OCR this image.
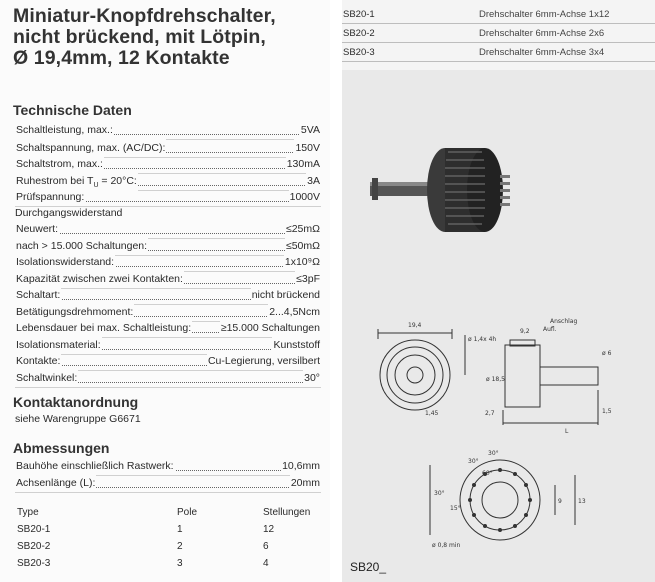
Miniatur-Knopfdrehschalter,
nicht brückend, mit Lötpin,
Ø 19,4mm, 12 Kontakte
SB20-1	Drehschalter 6mm-Achse 1x12
SB20-2	Drehschalter 6mm-Achse 2x6
SB20-3	Drehschalter 6mm-Achse 3x4
Technische Daten
Schaltleistung, max.:	5VA
Schaltspannung, max. (AC/DC):	150V
Schaltstrom, max.:	130mA
Ruhestrom bei $T_U = 20^\circ C$:	3A
Prüfspannung:	1000V
Durchgangswiderstand
Neuwert:	≤25mΩ
nach > 15.000 Schaltungen:	≤50mΩ
Isolationswiderstand:	1x10⁹Ω
Kapazität zwischen zwei Kontakten:	≤3pF
Schaltart:	nicht brückend
Betätigungsdrehmoment:	2...4,5Ncm
Lebensdauer bei max. Schaltleistung:	≥15.000 Schaltungen
Isolationsmaterial:	Kunststoff
Kontakte:	Cu-Legierung, versilbert
Schaltwinkel:	30°
Kontaktanordnung
siehe Warengruppe G6671
Abmessungen
Bauhöhe einschließlich Rastwerk:	10,6mm
Achsenlänge (L):	20mm
Type	Pole	Stellungen
SB20-1	1	12
SB20-2	2	6
SB20-3	3	4
19,4
9,2
ø 6
1,45	2,7
L
1,5
30°
30°
60°
30°
15°
9	13
ø 0,8 min
ø 18,5
Aufl.
Anschlag
ø 1,4x 4h
SB20_
